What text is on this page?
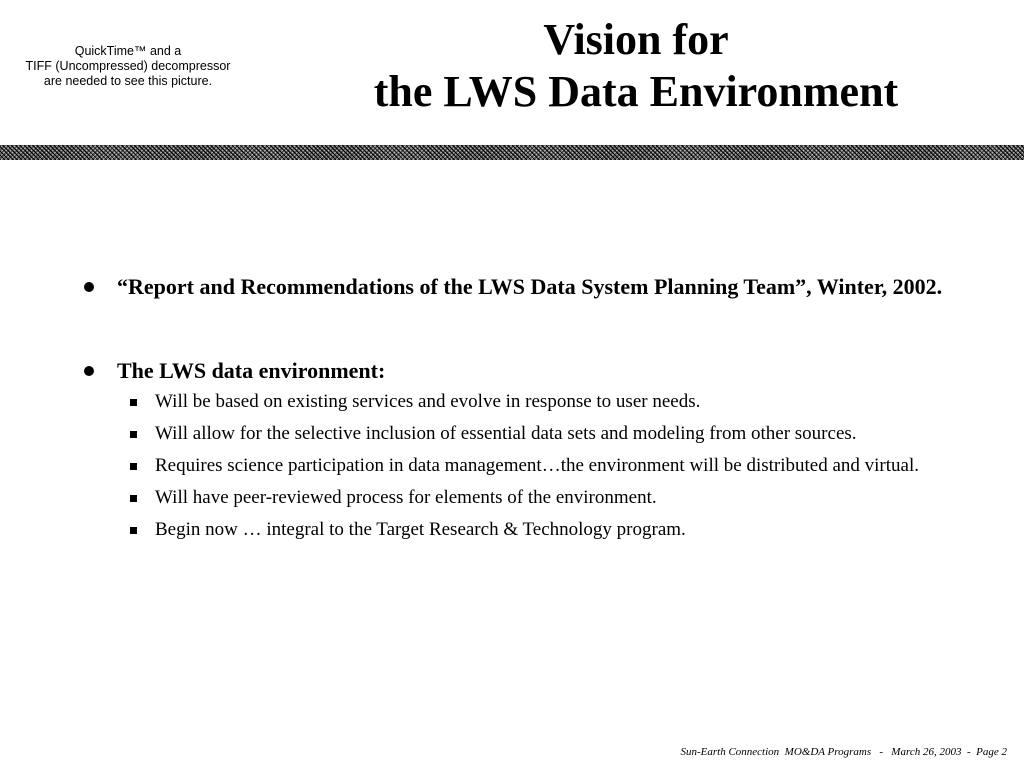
QuickTime™ and a
TIFF (Uncompressed) decompressor
are needed to see this picture.
Vision for
the LWS Data Environment
“Report and Recommendations of the LWS Data System Planning Team”, Winter, 2002.
The LWS data environment:
Will be based on existing services and evolve in response to user needs.
Will allow for the selective inclusion of essential data sets and modeling from other sources.
Requires science participation in data management…the environment will be distributed and virtual.
Will have peer-reviewed process for elements of the environment.
Begin now … integral to the Target Research & Technology program.
Sun-Earth Connection  MO&DA Programs   -   March 26, 2003  -  Page 2
